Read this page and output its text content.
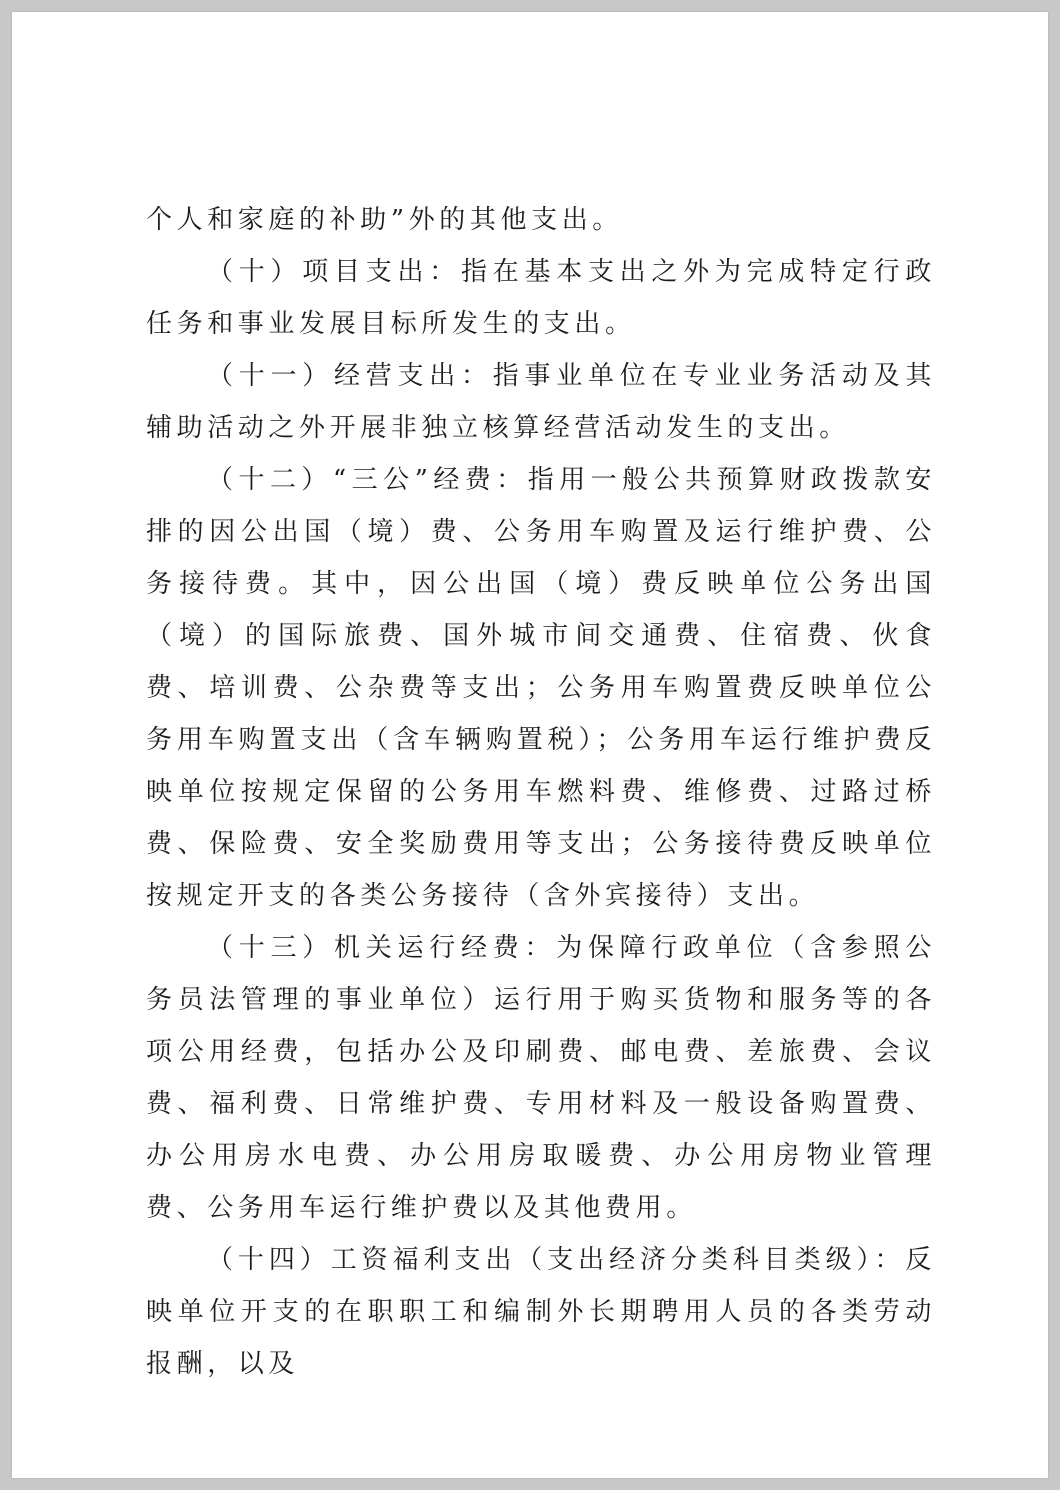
个人和家庭的补助”外的其他支出。

（十）项目支出：指在基本支出之外为完成特定行政任务和事业发展目标所发生的支出。

（十一）经营支出：指事业单位在专业业务活动及其辅助活动之外开展非独立核算经营活动发生的支出。

（十二）“三公”经费：指用一般公共预算财政拨款安排的因公出国（境）费、公务用车购置及运行维护费、公务接待费。其中，因公出国（境）费反映单位公务出国（境）的国际旅费、国外城市间交通费、住宿费、伙食费、培训费、公杂费等支出；公务用车购置费反映单位公务用车购置支出（含车辆购置税）；公务用车运行维护费反映单位按规定保留的公务用车燃料费、维修费、过路过桥费、保险费、安全奖励费用等支出；公务接待费反映单位按规定开支的各类公务接待（含外宾接待）支出。

（十三）机关运行经费：为保障行政单位（含参照公务员法管理的事业单位）运行用于购买货物和服务等的各项公用经费，包括办公及印刷费、邮电费、差旅费、会议费、福利费、日常维护费、专用材料及一般设备购置费、办公用房水电费、办公用房取暖费、办公用房物业管理费、公务用车运行维护费以及其他费用。

（十四）工资福利支出（支出经济分类科目类级）：反映单位开支的在职职工和编制外长期聘用人员的各类劳动报酬，以及
